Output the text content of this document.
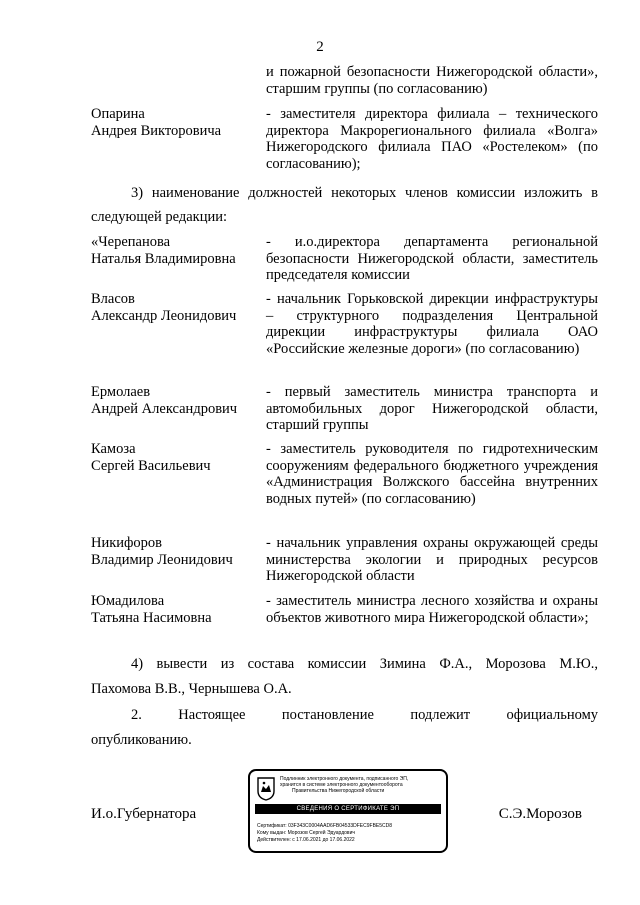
2
и пожарной безопасности Нижегородской области», старшим группы (по согласованию)
Опарина
Андрея Викторовича
- заместителя директора филиала – технического директора Макрорегионального филиала «Волга» Нижегородского филиала ПАО «Ростелеком» (по согласованию);
3) наименование должностей некоторых членов комиссии изложить в
следующей редакции:
«Черепанова
Наталья Владимировна
- и.о.директора департамента региональной безопасности Нижегородской области, заместитель председателя комиссии
Власов
Александр Леонидович
- начальник Горьковской дирекции инфраструктуры – структурного подразделения Центральной дирекции инфраструктуры филиала ОАО «Российские железные дороги» (по согласованию)
Ермолаев
Андрей Александрович
- первый заместитель министра транспорта и автомобильных дорог Нижегородской области, старший группы
Камоза
Сергей Васильевич
- заместитель руководителя по гидротехническим сооружениям федерального бюджетного учреждения «Администрация Волжского бассейна внутренних водных путей» (по согласованию)
Никифоров
Владимир Леонидович
- начальник управления охраны окружающей среды министерства экологии и природных ресурсов Нижегородской области
Юмадилова
Татьяна Насимовна
- заместитель министра лесного хозяйства и охраны объектов животного мира Нижегородской области»;
4) вывести из состава комиссии Зимина Ф.А., Морозова М.Ю.,
Пахомова В.В., Чернышева О.А.
2. Настоящее постановление подлежит официальному
опубликованию.
И.о.Губернатора	С.Э.Морозов
Подлинник электронного документа, подписанного ЭП,
хранится в системе электронного документооборота
Правительства Нижегородской области
СВЕДЕНИЯ О СЕРТИФИКАТЕ ЭП
Сертификат: 03F343C0004AAD6FB04533DFEC9FBE5CD8
Кому выдан: Морозов Сергей Эдуардович
Действителен: с 17.06.2021 до 17.06.2022
